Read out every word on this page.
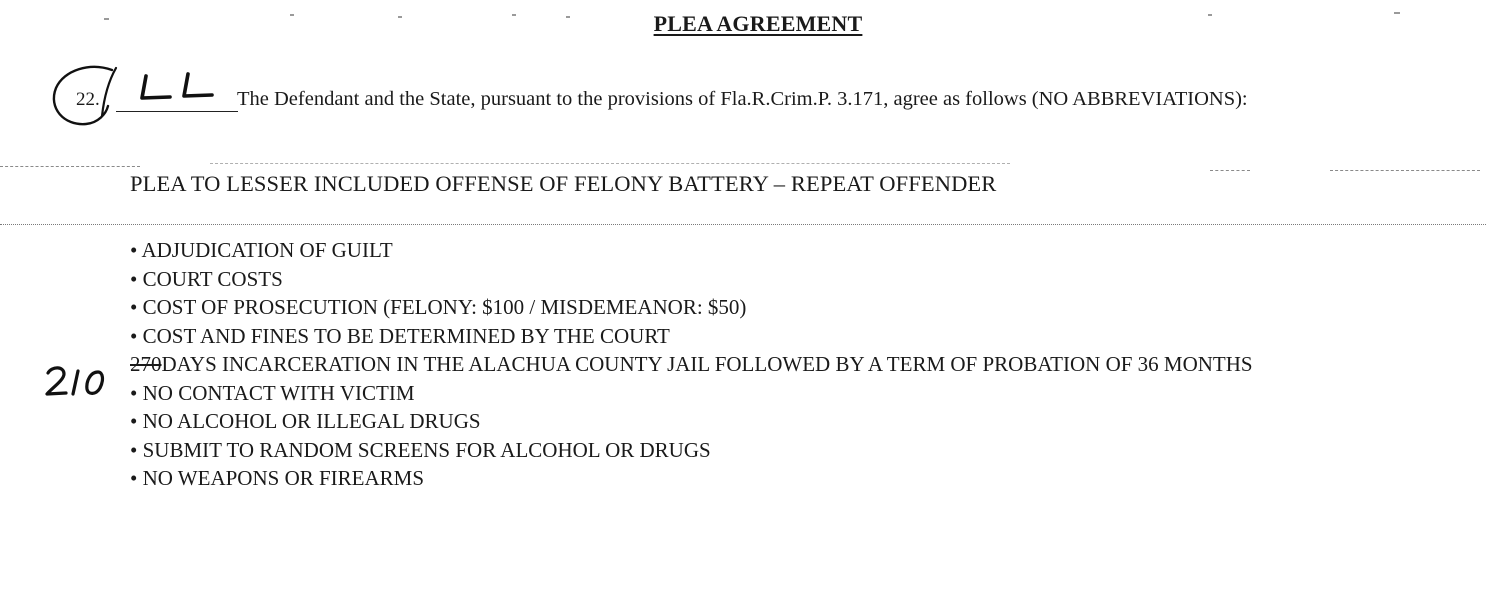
PLEA AGREEMENT
22.
LL
The Defendant and the State, pursuant to the provisions of Fla.R.Crim.P. 3.171, agree as follows (NO ABBREVIATIONS):
PLEA TO LESSER INCLUDED OFFENSE OF FELONY BATTERY – REPEAT OFFENDER
• ADJUDICATION OF GUILT
• COURT COSTS
• COST OF PROSECUTION (FELONY: $100 / MISDEMEANOR: $50)
• COST AND FINES TO BE DETERMINED BY THE COURT
270DAYS INCARCERATION IN THE ALACHUA COUNTY JAIL FOLLOWED BY A TERM OF PROBATION OF 36 MONTHS
• NO CONTACT WITH VICTIM
• NO ALCOHOL OR ILLEGAL DRUGS
• SUBMIT TO RANDOM SCREENS FOR ALCOHOL OR DRUGS
• NO WEAPONS OR FIREARMS
210
